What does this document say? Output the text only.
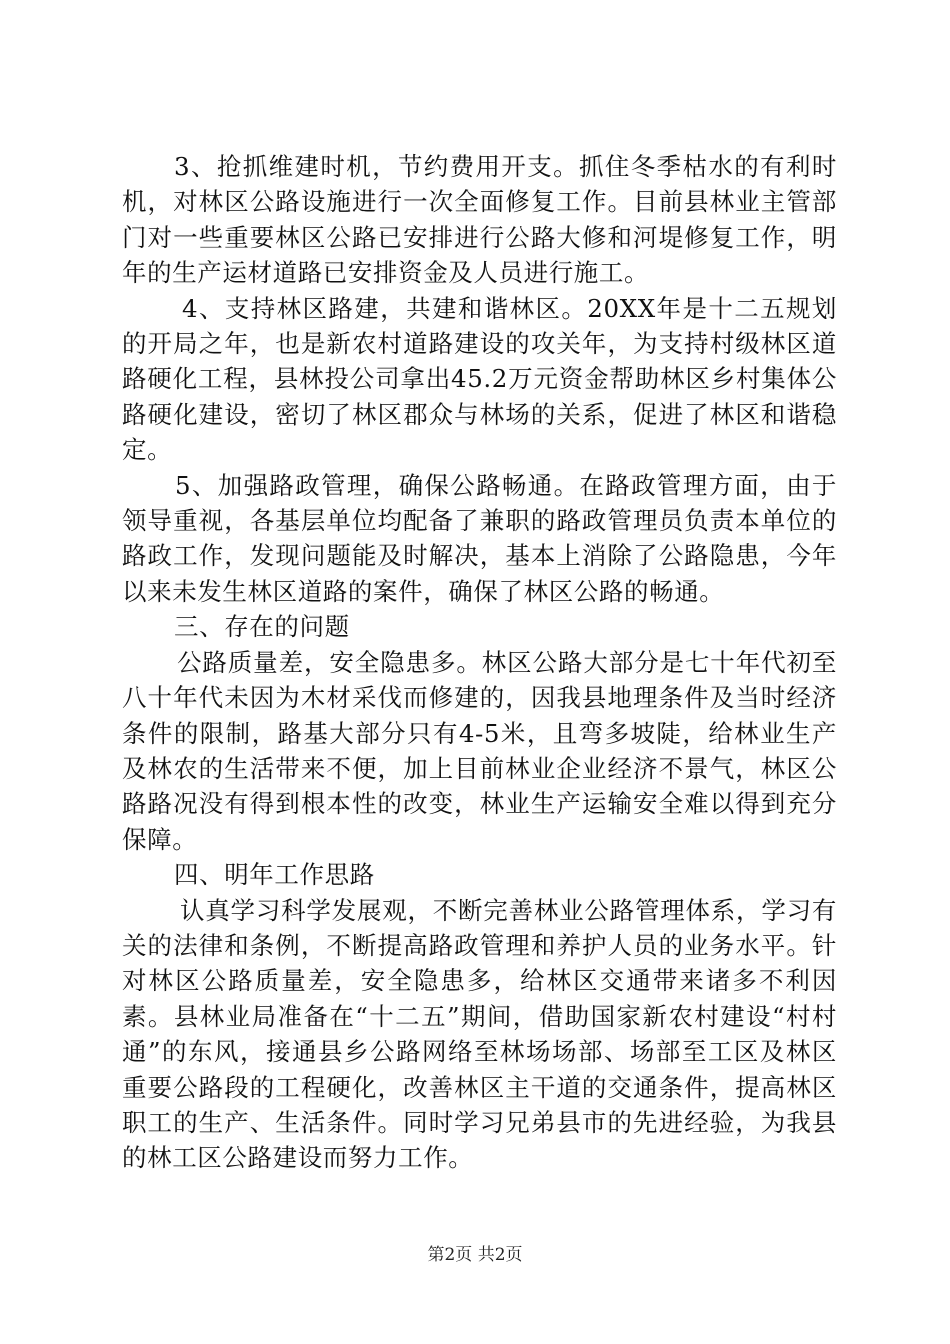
3、抢抓维建时机，节约费用开支。抓住冬季枯水的有利时机，对林区公路设施进行一次全面修复工作。目前县林业主管部门对一些重要林区公路已安排进行公路大修和河堤修复工作，明年的生产运材道路已安排资金及人员进行施工。

4、支持林区路建，共建和谐林区。20XX年是十二五规划的开局之年，也是新农村道路建设的攻关年，为支持村级林区道路硬化工程，县林投公司拿出45.2万元资金帮助林区乡村集体公路硬化建设，密切了林区郡众与林场的关系，促进了林区和谐稳定。

5、加强路政管理，确保公路畅通。在路政管理方面，由于领导重视，各基层单位均配备了兼职的路政管理员负责本单位的路政工作，发现问题能及时解决，基本上消除了公路隐患，今年以来未发生林区道路的案件，确保了林区公路的畅通。

三、存在的问题

公路质量差，安全隐患多。林区公路大部分是七十年代初至八十年代未因为木材采伐而修建的，因我县地理条件及当时经济条件的限制，路基大部分只有4-5米，且弯多坡陡，给林业生产及林农的生活带来不便，加上目前林业企业经济不景气，林区公路路况没有得到根本性的改变，林业生产运输安全难以得到充分保障。

四、明年工作思路

认真学习科学发展观，不断完善林业公路管理体系，学习有关的法律和条例，不断提高路政管理和养护人员的业务水平。针对林区公路质量差，安全隐患多，给林区交通带来诸多不利因素。县林业局准备在“十二五”期间，借助国家新农村建设“村村通”的东风，接通县乡公路网络至林场场部、场部至工区及林区重要公路段的工程硬化，改善林区主干道的交通条件，提高林区职工的生产、生活条件。同时学习兄弟县市的先进经验，为我县的林工区公路建设而努力工作。

第2页 共2页
